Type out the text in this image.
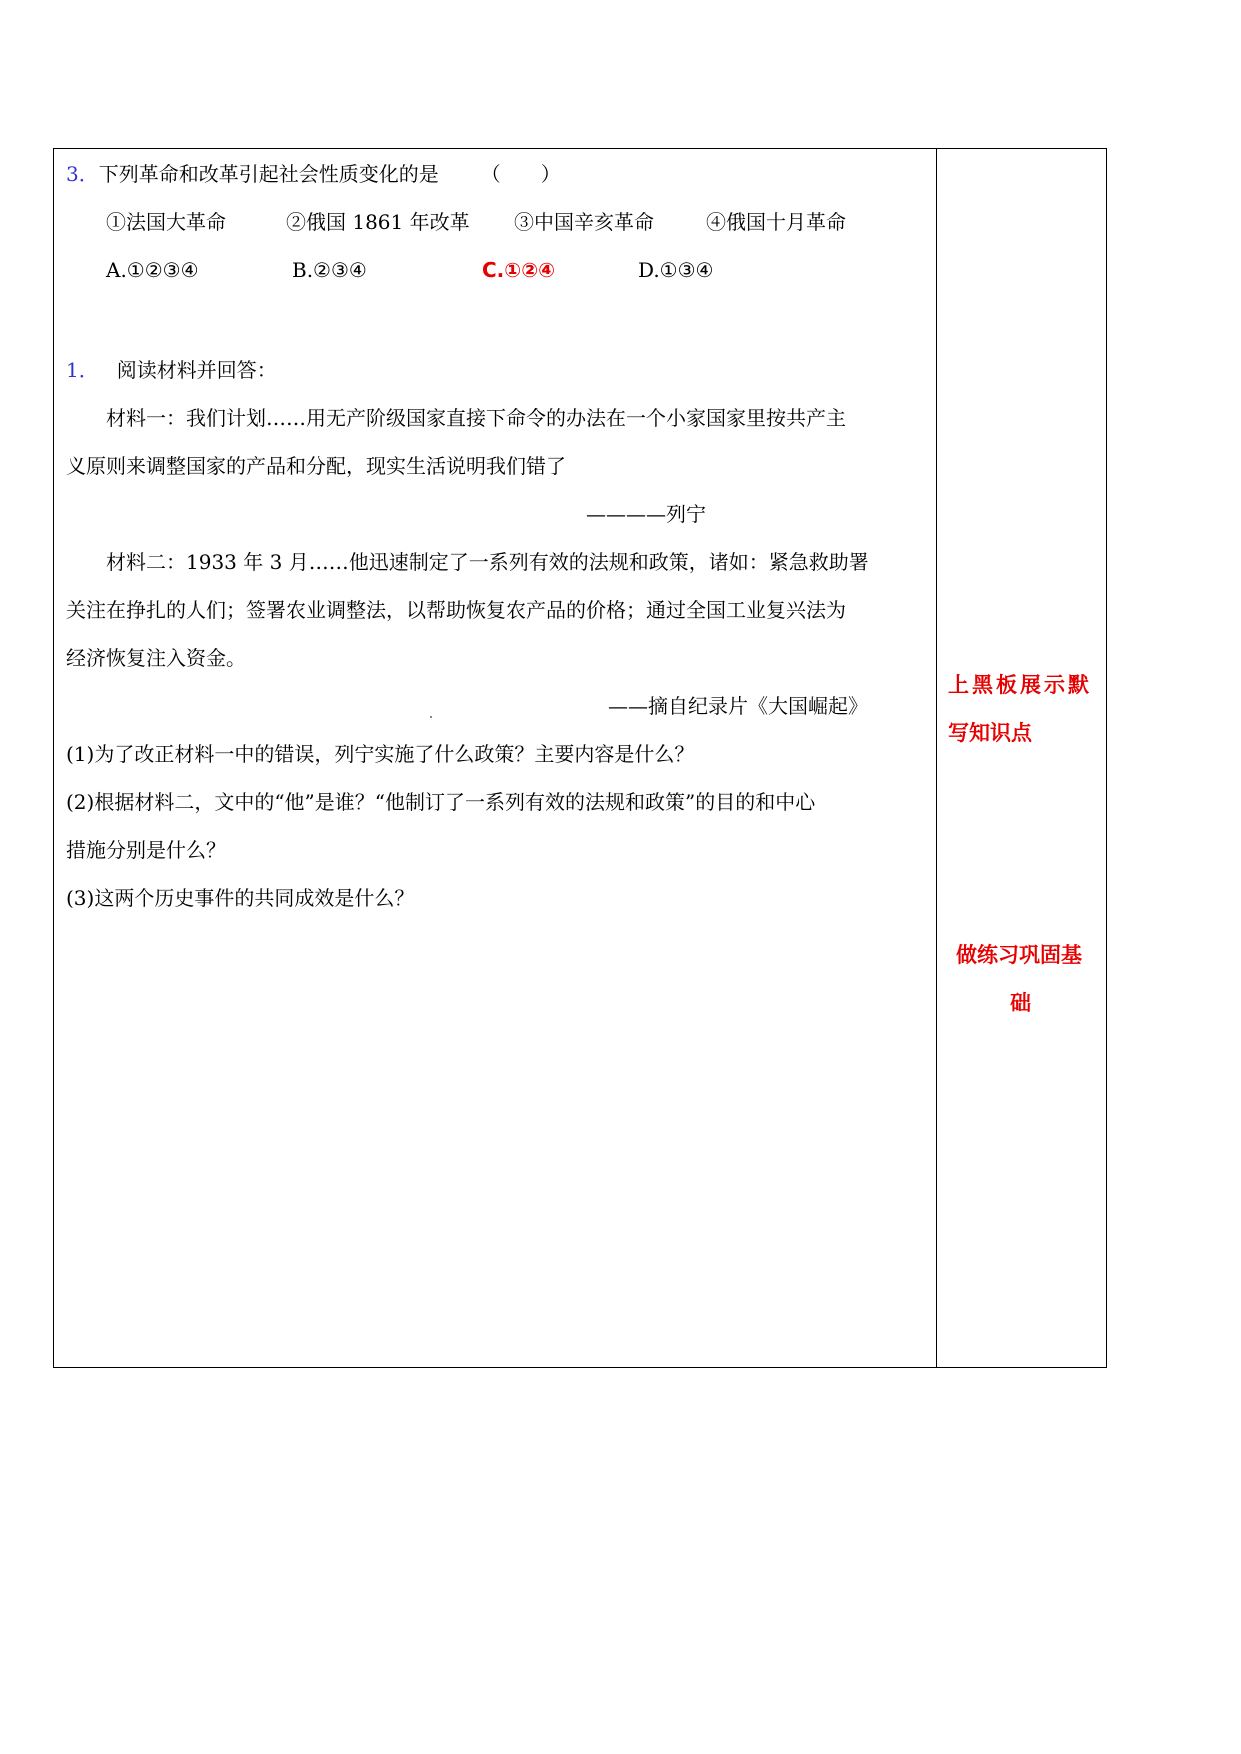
3．下列革命和改革引起社会性质变化的是 （　　）
①法国大革命	②俄国 1861 年改革 ③中国辛亥革命	④俄国十月革命
A.①②③④	B.②③④	C.①②④	D.①③④
1． 阅读材料并回答：
材料一：我们计划……用无产阶级国家直接下命令的办法在一个小家国家里按共产主
义原则来调整国家的产品和分配，现实生活说明我们错了
————列宁
材料二：1933 年 3 月……他迅速制定了一系列有效的法规和政策，诸如：紧急救助署
关注在挣扎的人们；签署农业调整法，以帮助恢复农产品的价格；通过全国工业复兴法为
经济恢复注入资金。
——摘自纪录片《大国崛起》
(1)为了改正材料一中的错误，列宁实施了什么政策？主要内容是什么？
(2)根据材料二，文中的“他”是谁？“他制订了一系列有效的法规和政策”的目的和中心
措施分别是什么？
(3)这两个历史事件的共同成效是什么？
上黑板展示默
写知识点
做练习巩固基
础
